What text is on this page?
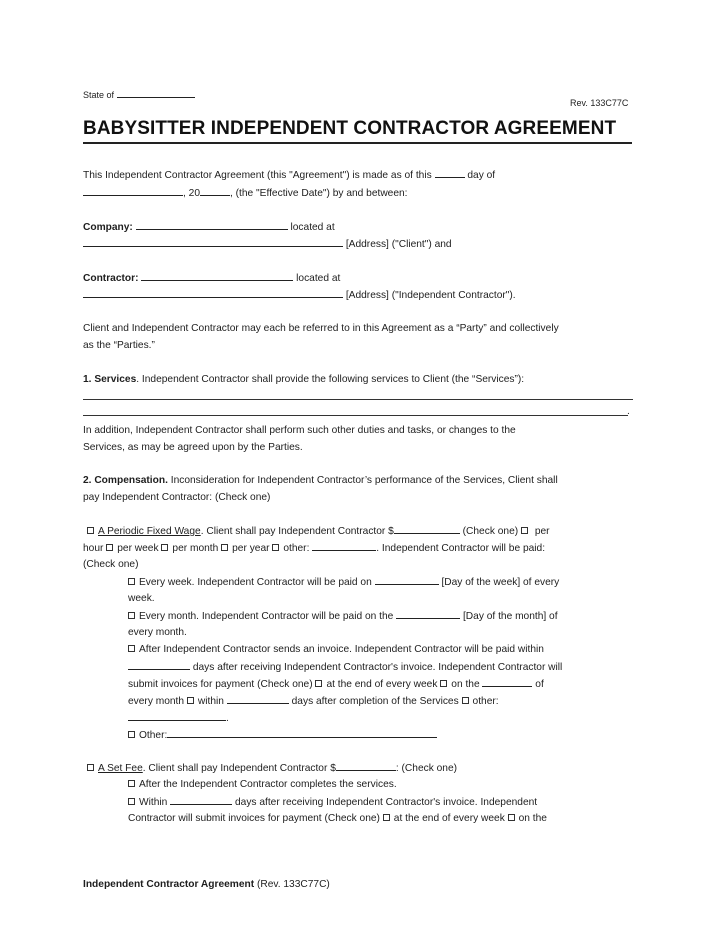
State of
Rev. 133C77C
BABYSITTER INDEPENDENT CONTRACTOR AGREEMENT
This Independent Contractor Agreement (this "Agreement") is made as of this	day of
, 20	, (the "Effective Date") by and between:
Company:	located at
[Address] ("Client") and
Contractor:	located at
[Address] ("Independent Contractor").
Client and Independent Contractor may each be referred to in this Agreement as a “Party” and collectively
as the “Parties.”
1. Services. Independent Contractor shall provide the following services to Client (the “Services”):
.
In addition, Independent Contractor shall perform such other duties and tasks, or changes to the
Services, as may be agreed upon by the Parties.
2. Compensation. Inconsideration for Independent Contractor’s performance of the Services, Client shall
pay Independent Contractor: (Check one)
A Periodic Fixed Wage. Client shall pay Independent Contractor $	(Check one)  per
hour per week per month per year other:	. Independent Contractor will be paid:
(Check one)
Every week. Independent Contractor will be paid on	[Day of the week] of every
week.
Every month. Independent Contractor will be paid on the	[Day of the month] of
every month.
After Independent Contractor sends an invoice. Independent Contractor will be paid within
days after receiving Independent Contractor's invoice. Independent Contractor will
submit invoices for payment (Check one) at the end of every week on the	of
every month within	days after completion of the Services other:
.
Other:
A Set Fee. Client shall pay Independent Contractor $	: (Check one)
After the Independent Contractor completes the services.
Within	days after receiving Independent Contractor's invoice. Independent
Contractor will submit invoices for payment (Check one) at the end of every week on the
Independent Contractor Agreement (Rev. 133C77C)
